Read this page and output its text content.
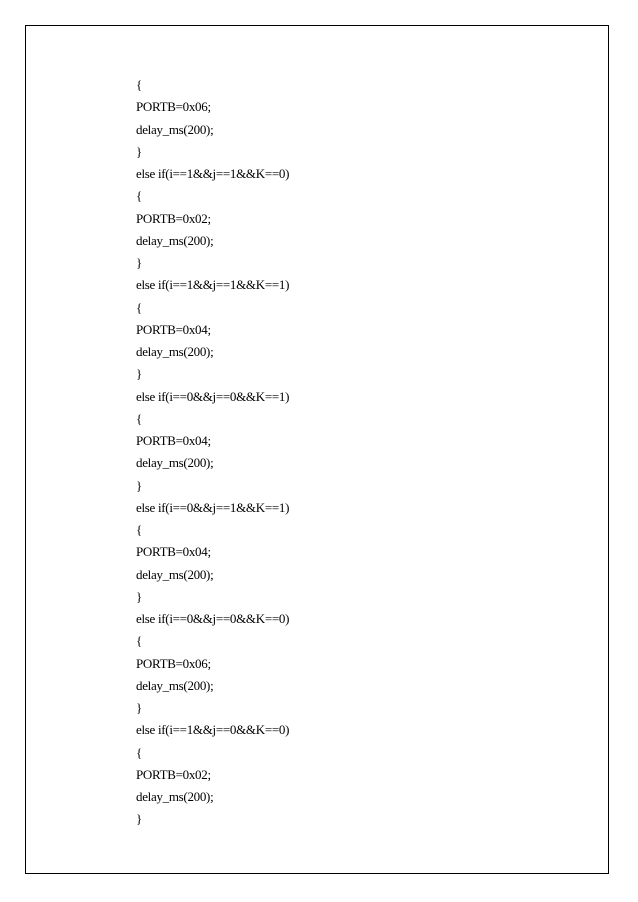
{
PORTB=0x06;
delay_ms(200);
}
else if(i==1&&j==1&&K==0)
{
PORTB=0x02;
delay_ms(200);
}
else if(i==1&&j==1&&K==1)
{
PORTB=0x04;
delay_ms(200);
}
else if(i==0&&j==0&&K==1)
{
PORTB=0x04;
delay_ms(200);
}
else if(i==0&&j==1&&K==1)
{
PORTB=0x04;
delay_ms(200);
}
else if(i==0&&j==0&&K==0)
{
PORTB=0x06;
delay_ms(200);
}
else if(i==1&&j==0&&K==0)
{
PORTB=0x02;
delay_ms(200);
}
